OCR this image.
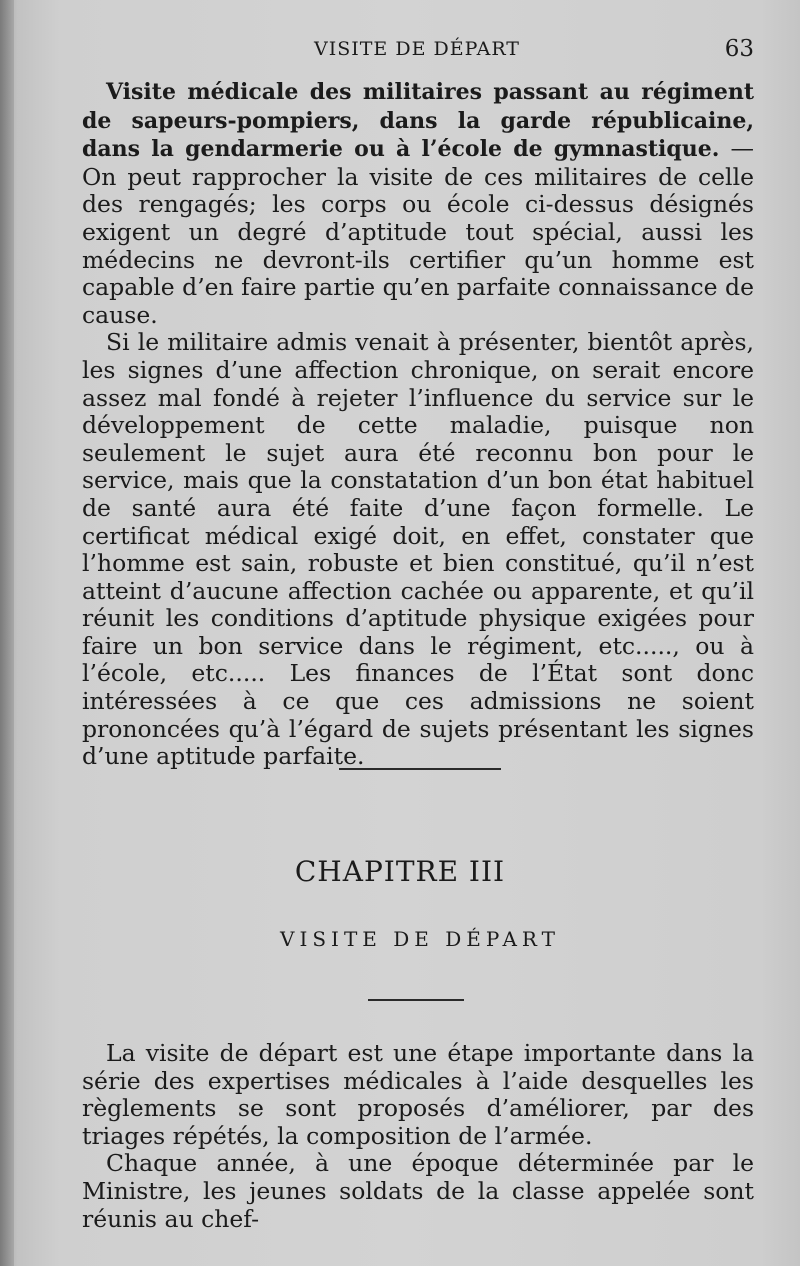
VISITE DE DÉPART	63

Visite médicale des militaires passant au régiment de sapeurs-pompiers, dans la garde républicaine, dans la gendarmerie ou à l’école de gymnastique. — On peut rapprocher la visite de ces militaires de celle des rengagés; les corps ou école ci-dessus désignés exigent un degré d’aptitude tout spécial, aussi les médecins ne devront-ils certifier qu’un homme est capable d’en faire partie qu’en parfaite connaissance de cause.

Si le militaire admis venait à présenter, bientôt après, les signes d’une affection chronique, on serait encore assez mal fondé à rejeter l’influence du service sur le développement de cette maladie, puisque non seulement le sujet aura été reconnu bon pour le service, mais que la constatation d’un bon état habituel de santé aura été faite d’une façon formelle. Le certificat médical exigé doit, en effet, constater que l’homme est sain, robuste et bien constitué, qu’il n’est atteint d’aucune affection cachée ou apparente, et qu’il réunit les conditions d’aptitude physique exigées pour faire un bon service dans le régiment, etc....., ou à l’école, etc..... Les finances de l’État sont donc intéressées à ce que ces admissions ne soient prononcées qu’à l’égard de sujets présentant les signes d’une aptitude parfaite.

CHAPITRE III
VISITE DE DÉPART

La visite de départ est une étape importante dans la série des expertises médicales à l’aide desquelles les règlements se sont proposés d’améliorer, par des triages répétés, la composition de l’armée.

Chaque année, à une époque déterminée par le Ministre, les jeunes soldats de la classe appelée sont réunis au chef-
